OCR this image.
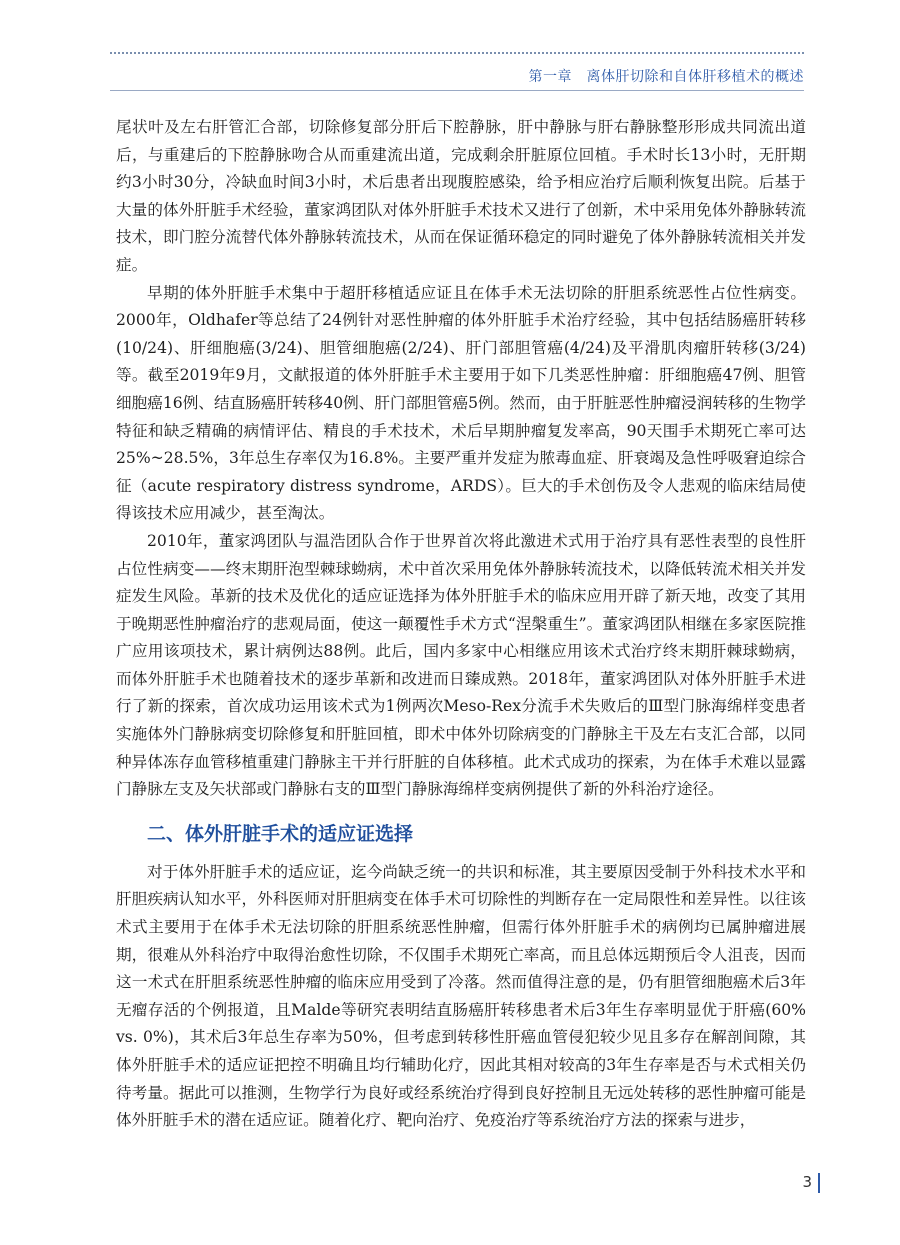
第一章　离体肝切除和自体肝移植术的概述

尾状叶及左右肝管汇合部，切除修复部分肝后下腔静脉，肝中静脉与肝右静脉整形形成共同流出道后，与重建后的下腔静脉吻合从而重建流出道，完成剩余肝脏原位回植。手术时长13小时，无肝期约3小时30分，冷缺血时间3小时，术后患者出现腹腔感染，给予相应治疗后顺利恢复出院。后基于大量的体外肝脏手术经验，董家鸿团队对体外肝脏手术技术又进行了创新，术中采用免体外静脉转流技术，即门腔分流替代体外静脉转流技术，从而在保证循环稳定的同时避免了体外静脉转流相关并发症。

早期的体外肝脏手术集中于超肝移植适应证且在体手术无法切除的肝胆系统恶性占位性病变。2000年，Oldhafer等总结了24例针对恶性肿瘤的体外肝脏手术治疗经验，其中包括结肠癌肝转移(10/24)、肝细胞癌(3/24)、胆管细胞癌(2/24)、肝门部胆管癌(4/24)及平滑肌肉瘤肝转移(3/24)等。截至2019年9月，文献报道的体外肝脏手术主要用于如下几类恶性肿瘤：肝细胞癌47例、胆管细胞癌16例、结直肠癌肝转移40例、肝门部胆管癌5例。然而，由于肝脏恶性肿瘤浸润转移的生物学特征和缺乏精确的病情评估、精良的手术技术，术后早期肿瘤复发率高，90天围手术期死亡率可达25%~28.5%，3年总生存率仅为16.8%。主要严重并发症为脓毒血症、肝衰竭及急性呼吸窘迫综合征（acute respiratory distress syndrome，ARDS）。巨大的手术创伤及令人悲观的临床结局使得该技术应用减少，甚至淘汰。

2010年，董家鸿团队与温浩团队合作于世界首次将此激进术式用于治疗具有恶性表型的良性肝占位性病变——终末期肝泡型棘球蚴病，术中首次采用免体外静脉转流技术，以降低转流术相关并发症发生风险。革新的技术及优化的适应证选择为体外肝脏手术的临床应用开辟了新天地，改变了其用于晚期恶性肿瘤治疗的悲观局面，使这一颠覆性手术方式“涅槃重生”。董家鸿团队相继在多家医院推广应用该项技术，累计病例达88例。此后，国内多家中心相继应用该术式治疗终末期肝棘球蚴病，而体外肝脏手术也随着技术的逐步革新和改进而日臻成熟。2018年，董家鸿团队对体外肝脏手术进行了新的探索，首次成功运用该术式为1例两次Meso-Rex分流手术失败后的Ⅲ型门脉海绵样变患者实施体外门静脉病变切除修复和肝脏回植，即术中体外切除病变的门静脉主干及左右支汇合部，以同种异体冻存血管移植重建门静脉主干并行肝脏的自体移植。此术式成功的探索，为在体手术难以显露门静脉左支及矢状部或门静脉右支的Ⅲ型门静脉海绵样变病例提供了新的外科治疗途径。

二、体外肝脏手术的适应证选择

对于体外肝脏手术的适应证，迄今尚缺乏统一的共识和标准，其主要原因受制于外科技术水平和肝胆疾病认知水平，外科医师对肝胆病变在体手术可切除性的判断存在一定局限性和差异性。以往该术式主要用于在体手术无法切除的肝胆系统恶性肿瘤，但需行体外肝脏手术的病例均已属肿瘤进展期，很难从外科治疗中取得治愈性切除，不仅围手术期死亡率高，而且总体远期预后令人沮丧，因而这一术式在肝胆系统恶性肿瘤的临床应用受到了冷落。然而值得注意的是，仍有胆管细胞癌术后3年无瘤存活的个例报道，且Malde等研究表明结直肠癌肝转移患者术后3年生存率明显优于肝癌(60% vs. 0%)，其术后3年总生存率为50%，但考虑到转移性肝癌血管侵犯较少见且多存在解剖间隙，其体外肝脏手术的适应证把控不明确且均行辅助化疗，因此其相对较高的3年生存率是否与术式相关仍待考量。据此可以推测，生物学行为良好或经系统治疗得到良好控制且无远处转移的恶性肿瘤可能是体外肝脏手术的潜在适应证。随着化疗、靶向治疗、免疫治疗等系统治疗方法的探索与进步，

3
